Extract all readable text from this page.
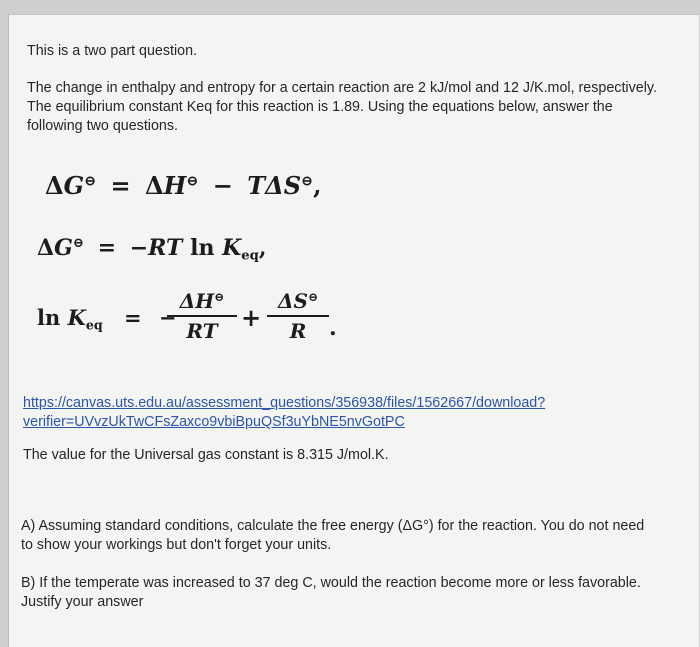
This is a two part question.

The change in enthalpy and entropy for a certain reaction are 2 kJ/mol and 12 J/K.mol, respectively.

The equilibrium constant Keq for this reaction is 1.89. Using the equations below, answer the

following two questions.

ΔG⊖ = ΔH⊖ − TΔS⊖,
ΔG⊖ = −RT $\ln K_{eq}$,
$\ln K_{eq}$ = −
$\frac{\Delta H^⊖}{RT} + \frac{\Delta S^⊖}{R}$ .
https://canvas.uts.edu.au/assessment_questions/356938/files/1562667/download?
verifier=UVvzUkTwCFsZaxco9vbiBpuQSf3uYbNE5nvGotPC

The value for the Universal gas constant is 8.315 J/mol.K.

A) Assuming standard conditions, calculate the free energy (ΔG°) for the reaction. You do not need

to show your workings but don't forget your units.

B) If the temperate was increased to 37 deg C, would the reaction become more or less favorable.

Justify your answer
